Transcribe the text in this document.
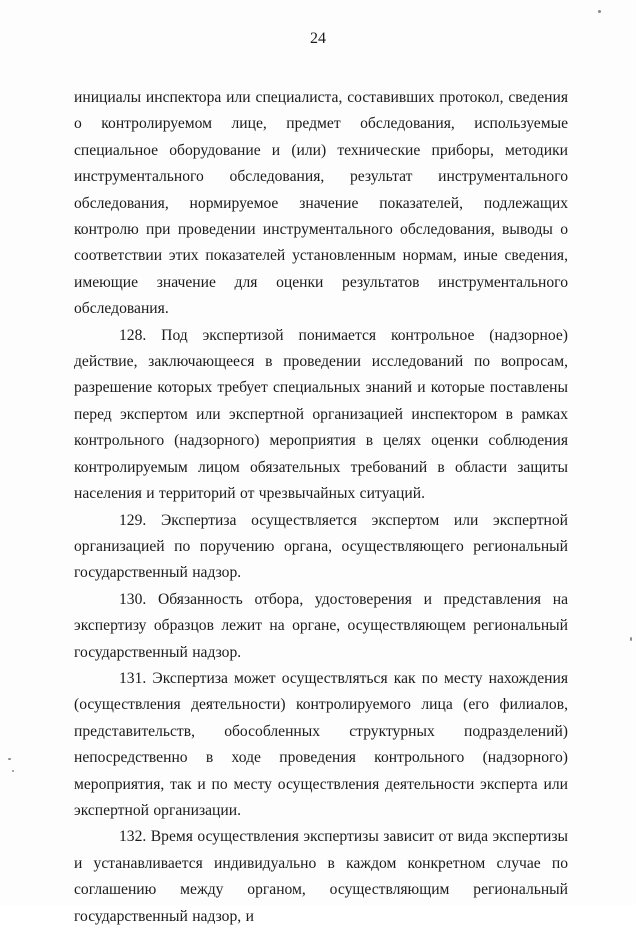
24

инициалы инспектора или специалиста, составивших протокол, сведения о контролируемом лице, предмет обследования, используемые специальное оборудование и (или) технические приборы, методики инструментального обследования, результат инструментального обследования, нормируемое значение показателей, подлежащих контролю при проведении инструментального обследования, выводы о соответствии этих показателей установленным нормам, иные сведения, имеющие значение для оценки результатов инструментального обследования.

128. Под экспертизой понимается контрольное (надзорное) действие, заключающееся в проведении исследований по вопросам, разрешение которых требует специальных знаний и которые поставлены перед экспертом или экспертной организацией инспектором в рамках контрольного (надзорного) мероприятия в целях оценки соблюдения контролируемым лицом обязательных требований в области защиты населения и территорий от чрезвычайных ситуаций.

129. Экспертиза осуществляется экспертом или экспертной организацией по поручению органа, осуществляющего региональный государственный надзор.

130. Обязанность отбора, удостоверения и представления на экспертизу образцов лежит на органе, осуществляющем региональный государственный надзор.

131. Экспертиза может осуществляться как по месту нахождения (осуществления деятельности) контролируемого лица (его филиалов, представительств, обособленных структурных подразделений) непосредственно в ходе проведения контрольного (надзорного) мероприятия, так и по месту осуществления деятельности эксперта или экспертной организации.

132. Время осуществления экспертизы зависит от вида экспертизы и устанавливается индивидуально в каждом конкретном случае по соглашению между органом, осуществляющим региональный государственный надзор, и
